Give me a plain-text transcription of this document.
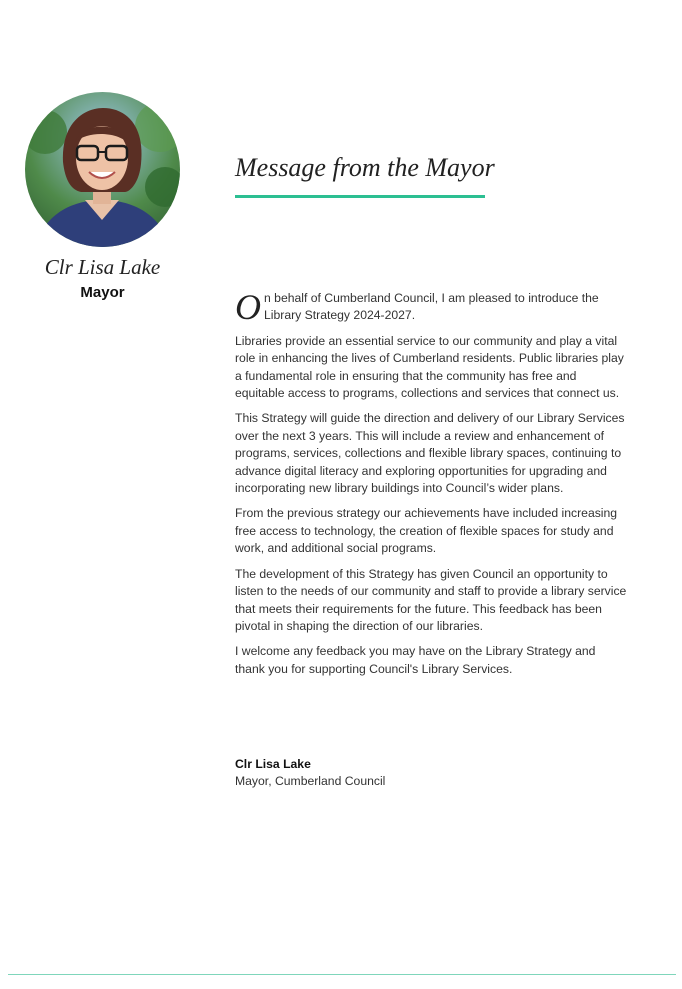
Clr Lisa Lake
Mayor
Message from the Mayor

On behalf of Cumberland Council, I am pleased to introduce the Library Strategy 2024-2027.

Libraries provide an essential service to our community and play a vital role in enhancing the lives of Cumberland residents. Public libraries play a fundamental role in ensuring that the community has free and equitable access to programs, collections and services that connect us.

This Strategy will guide the direction and delivery of our Library Services over the next 3 years. This will include a review and enhancement of programs, services, collections and flexible library spaces, continuing to advance digital literacy and exploring opportunities for upgrading and incorporating new library buildings into Council’s wider plans.

From the previous strategy our achievements have included increasing free access to technology, the creation of flexible spaces for study and work, and additional social programs.

The development of this Strategy has given Council an opportunity to listen to the needs of our community and staff to provide a library service that meets their requirements for the future. This feedback has been pivotal in shaping the direction of our libraries.

I welcome any feedback you may have on the Library Strategy and thank you for supporting Council's Library Services.

Clr Lisa Lake
Mayor, Cumberland Council
